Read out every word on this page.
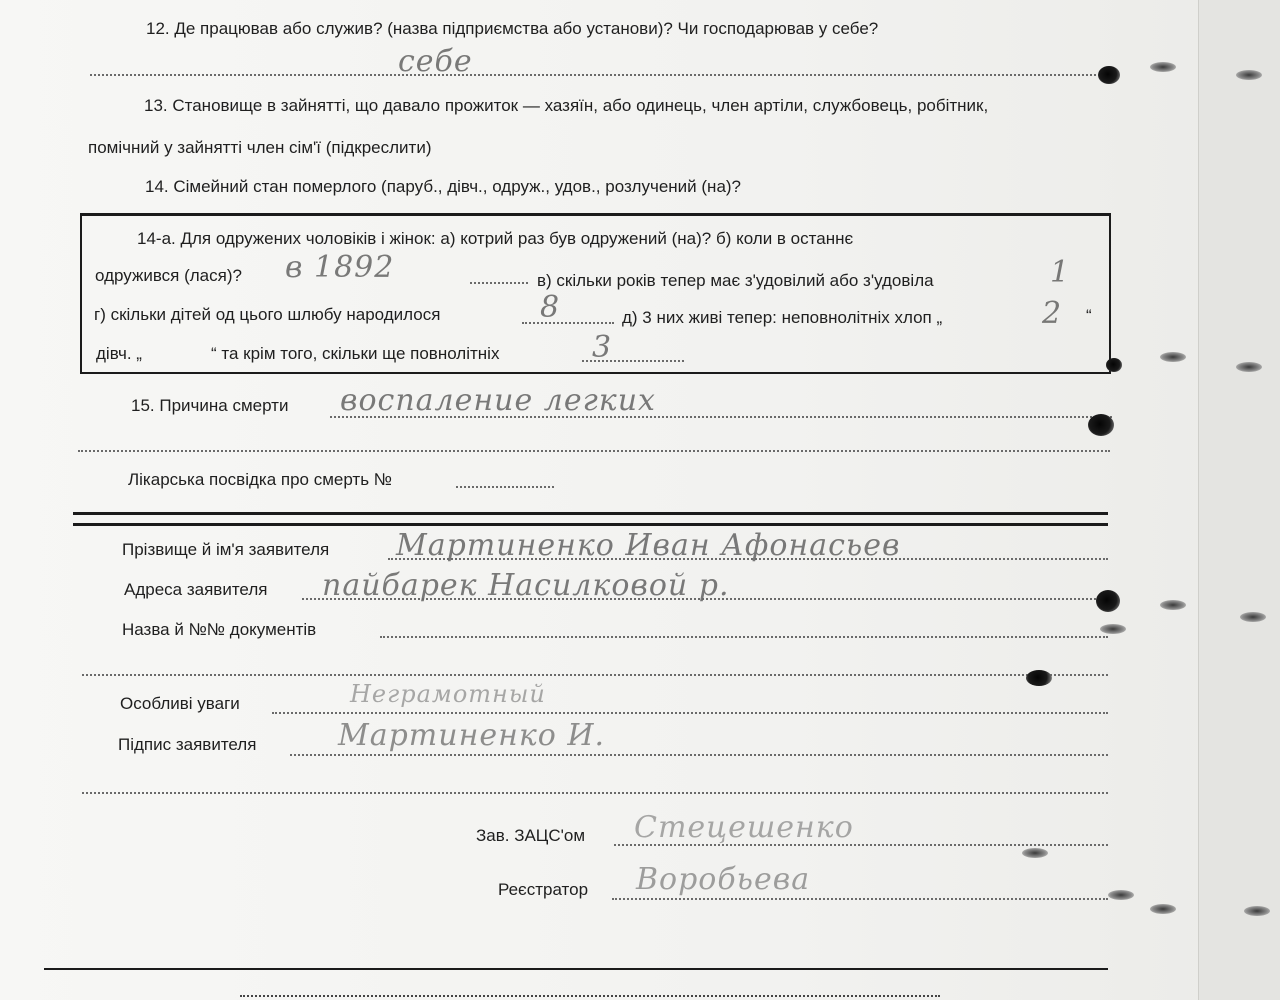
12. Де працював або служив? (назва підприємства або установи)? Чи господарював у себе?
себе
13. Становище в зайнятті, що давало прожиток — хазяїн, або одинець, член артіли, службовець, робітник,
помічний у зайнятті член сім'ї (підкреслити)
14. Сімейний стан померлого (паруб., дівч., одруж., удов., розлучений (на)?
14-а. Для одружених чоловіків і жінок: а) котрий раз був одружений (на)? б) коли в останнє
одружився (лася)? в 1892	в) скільки років тепер має з'удовілий або з'удовіла	1
г) скільки дітей од цього шлюбу народилося	8	д) 3 них живі тепер: неповнолітніх хлоп „	2 “
дівч. „	“ та крім того, скільки ще повнолітніх	3
15. Причина смерти воспаление легких
Лікарська посвідка про смерть №
Прізвище й ім'я заявителя Мартиненко Иван Афонасьев
Адреса заявителя пайбарек Насилковой р.
Назва й №№ документів
Особливі уваги	Неграмотный
Підпис заявителя	Мартиненко И.
Зав. ЗАЦС'ом Стецешенко
Реєстратор Воробьева
